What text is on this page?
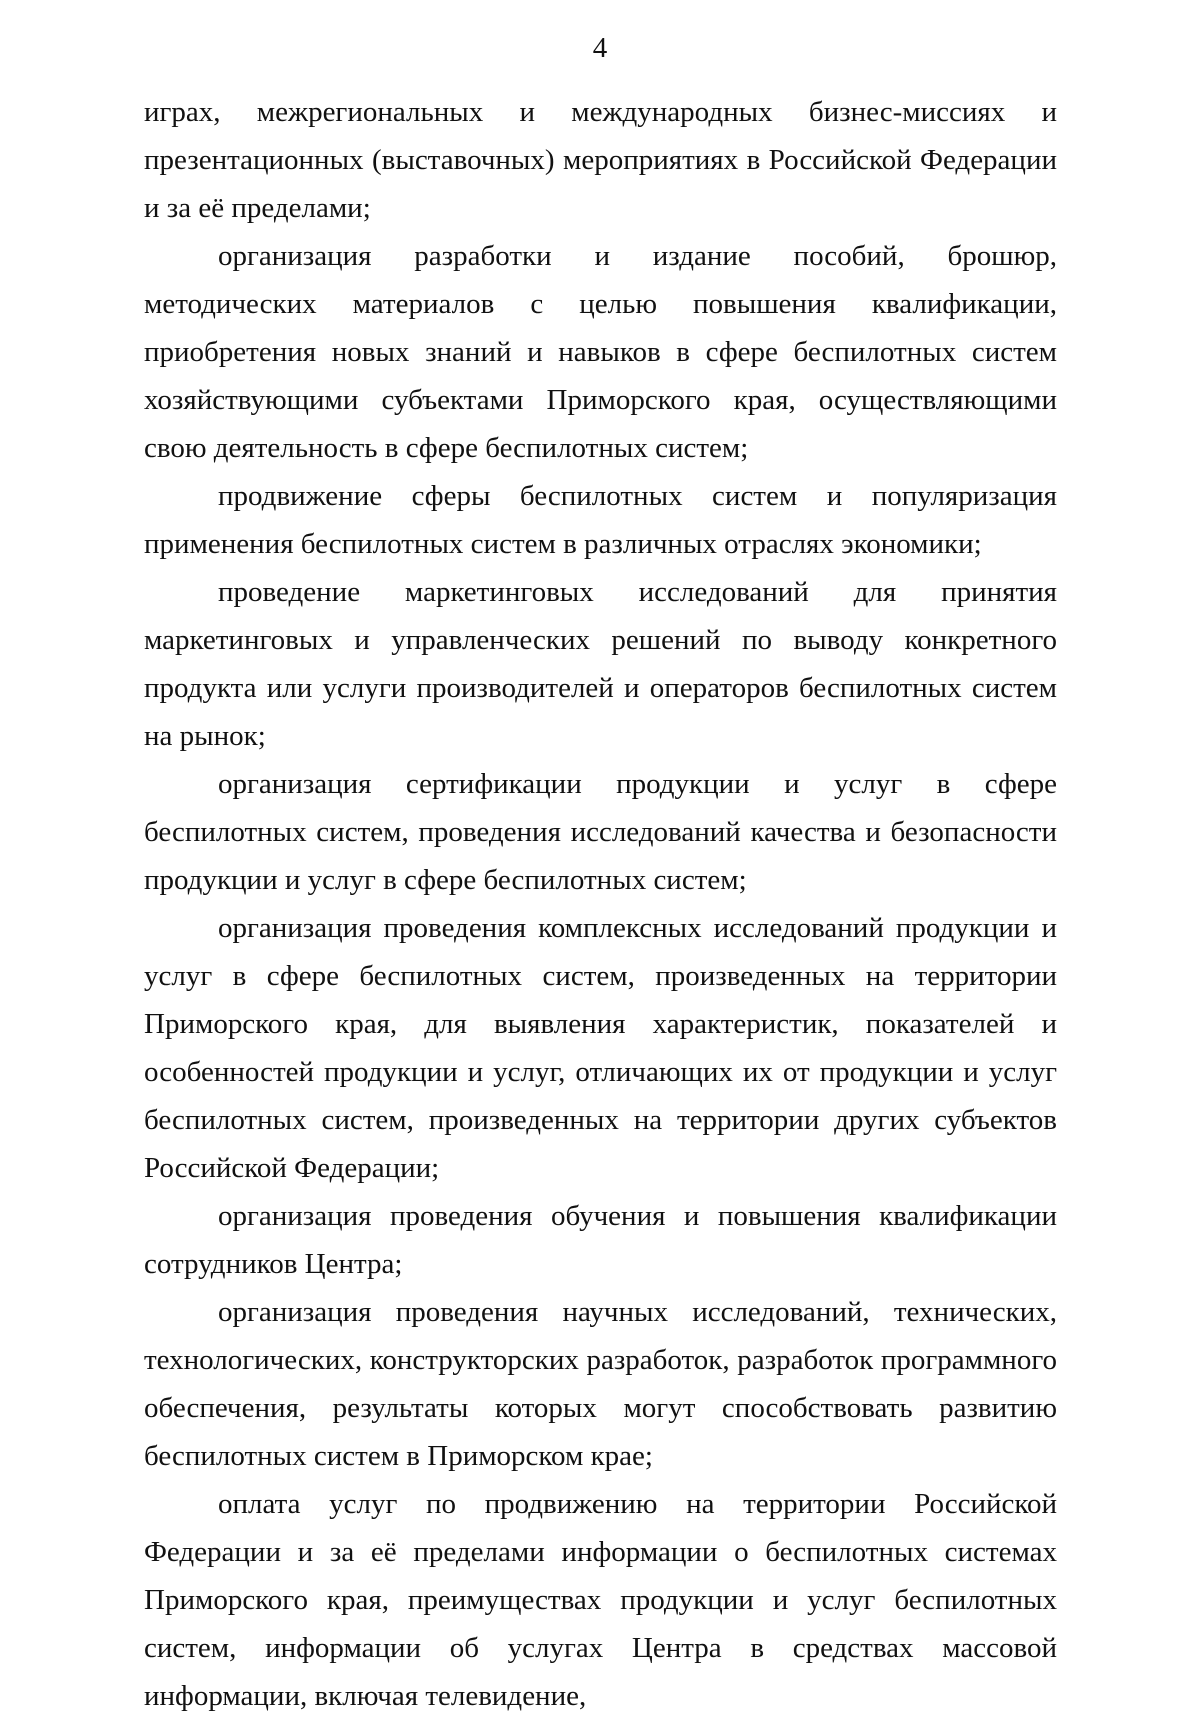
4

играх, межрегиональных и международных бизнес-миссиях и презентационных (выставочных) мероприятиях в Российской Федерации и за её пределами;

организация разработки и издание пособий, брошюр, методических материалов с целью повышения квалификации, приобретения новых знаний и навыков в сфере беспилотных систем хозяйствующими субъектами Приморского края, осуществляющими свою деятельность в сфере беспилотных систем;

продвижение сферы беспилотных систем и популяризация применения беспилотных систем в различных отраслях экономики;

проведение маркетинговых исследований для принятия маркетинговых и управленческих решений по выводу конкретного продукта или услуги производителей и операторов беспилотных систем на рынок;

организация сертификации продукции и услуг в сфере беспилотных систем, проведения исследований качества и безопасности продукции и услуг в сфере беспилотных систем;

организация проведения комплексных исследований продукции и услуг в сфере беспилотных систем, произведенных на территории Приморского края, для выявления характеристик, показателей и особенностей продукции и услуг, отличающих их от продукции и услуг беспилотных систем, произведенных на территории других субъектов Российской Федерации;

организация проведения обучения и повышения квалификации сотрудников Центра;

организация проведения научных исследований, технических, технологических, конструкторских разработок, разработок программного обеспечения, результаты которых могут способствовать развитию беспилотных систем в Приморском крае;

оплата услуг по продвижению на территории Российской Федерации и за её пределами информации о беспилотных системах Приморского края, преимуществах продукции и услуг беспилотных систем, информации об услугах Центра в средствах массовой информации, включая телевидение,
